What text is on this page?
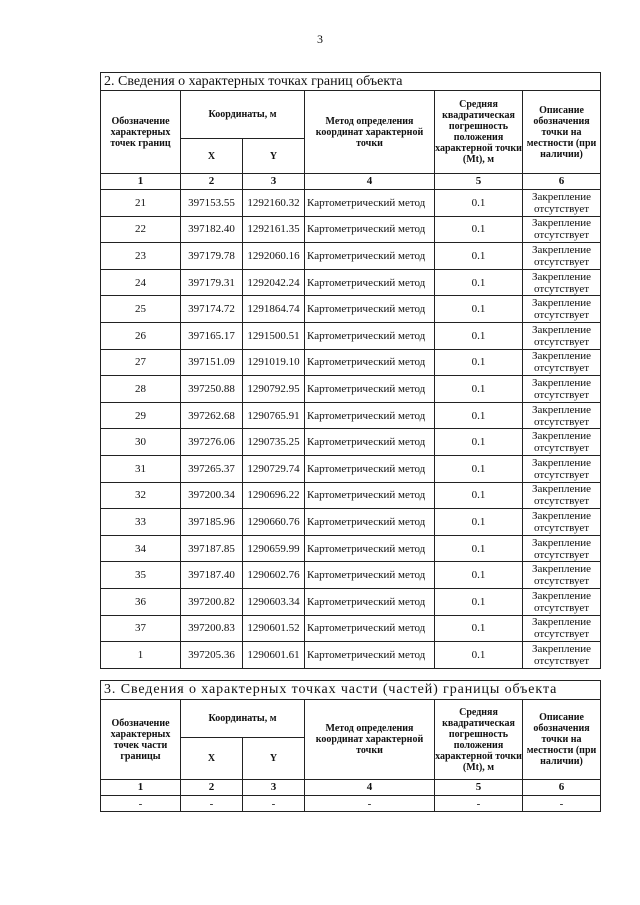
3
2. Сведения о характерных точках границ объекта					
Обозначение характерных точек границ	Координаты, м		Метод определения координат характерной точки	Средняя квадратическая погрешность положения характерной точки (Mt), м	Описание обозначения точки на местности (при наличии)
	X	Y			
1	2	3	4	5	6
21	397153.55	1292160.32	Картометрический метод	0.1	Закрепление отсутствует
22	397182.40	1292161.35	Картометрический метод	0.1	Закрепление отсутствует
23	397179.78	1292060.16	Картометрический метод	0.1	Закрепление отсутствует
24	397179.31	1292042.24	Картометрический метод	0.1	Закрепление отсутствует
25	397174.72	1291864.74	Картометрический метод	0.1	Закрепление отсутствует
26	397165.17	1291500.51	Картометрический метод	0.1	Закрепление отсутствует
27	397151.09	1291019.10	Картометрический метод	0.1	Закрепление отсутствует
28	397250.88	1290792.95	Картометрический метод	0.1	Закрепление отсутствует
29	397262.68	1290765.91	Картометрический метод	0.1	Закрепление отсутствует
30	397276.06	1290735.25	Картометрический метод	0.1	Закрепление отсутствует
31	397265.37	1290729.74	Картометрический метод	0.1	Закрепление отсутствует
32	397200.34	1290696.22	Картометрический метод	0.1	Закрепление отсутствует
33	397185.96	1290660.76	Картометрический метод	0.1	Закрепление отсутствует
34	397187.85	1290659.99	Картометрический метод	0.1	Закрепление отсутствует
35	397187.40	1290602.76	Картометрический метод	0.1	Закрепление отсутствует
36	397200.82	1290603.34	Картометрический метод	0.1	Закрепление отсутствует
37	397200.83	1290601.52	Картометрический метод	0.1	Закрепление отсутствует
1	397205.36	1290601.61	Картометрический метод	0.1	Закрепление отсутствует
3. Сведения о характерных точках части (частей) границы объекта					
Обозначение характерных точек части границы	Координаты, м		Метод определения координат характерной точки	Средняя квадратическая погрешность положения характерной точки (Mt), м	Описание обозначения точки на местности (при наличии)
	X	Y			
1	2	3	4	5	6
-	-	-	-	-	-
